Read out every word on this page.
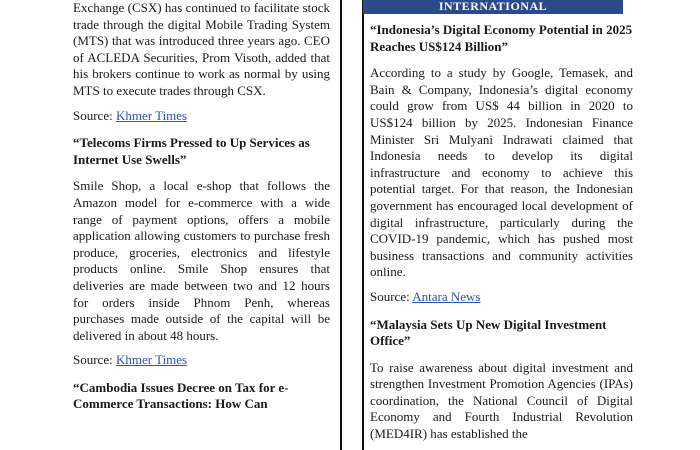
Exchange (CSX) has continued to facilitate stock trade through the digital Mobile Trading System (MTS) that was introduced three years ago. CEO of ACLEDA Securities, Prom Visoth, added that his brokers continue to work as normal by using MTS to execute trades through CSX.

Source: Khmer Times

“Telecoms Firms Pressed to Up Services as Internet Use Swells”

Smile Shop, a local e-shop that follows the Amazon model for e-commerce with a wide range of payment options, offers a mobile application allowing customers to purchase fresh produce, groceries, electronics and lifestyle products online. Smile Shop ensures that deliveries are made between two and 12 hours for orders inside Phnom Penh, whereas purchases made outside of the capital will be delivered in about 48 hours.

Source: Khmer Times

“Cambodia Issues Decree on Tax for e-Commerce Transactions: How Can

INTERNATIONAL

“Indonesia’s Digital Economy Potential in 2025 Reaches US$124 Billion”

According to a study by Google, Temasek, and Bain & Company, Indonesia’s digital economy could grow from US$ 44 billion in 2020 to US$124 billion by 2025. Indonesian Finance Minister Sri Mulyani Indrawati claimed that Indonesia needs to develop its digital infrastructure and economy to achieve this potential target. For that reason, the Indonesian government has encouraged local development of digital infrastructure, particularly during the COVID-19 pandemic, which has pushed most business transactions and community activities online.

Source: Antara News

“Malaysia Sets Up New Digital Investment Office”

To raise awareness about digital investment and strengthen Investment Promotion Agencies (IPAs) coordination, the National Council of Digital Economy and Fourth Industrial Revolution (MED4IR) has established the
